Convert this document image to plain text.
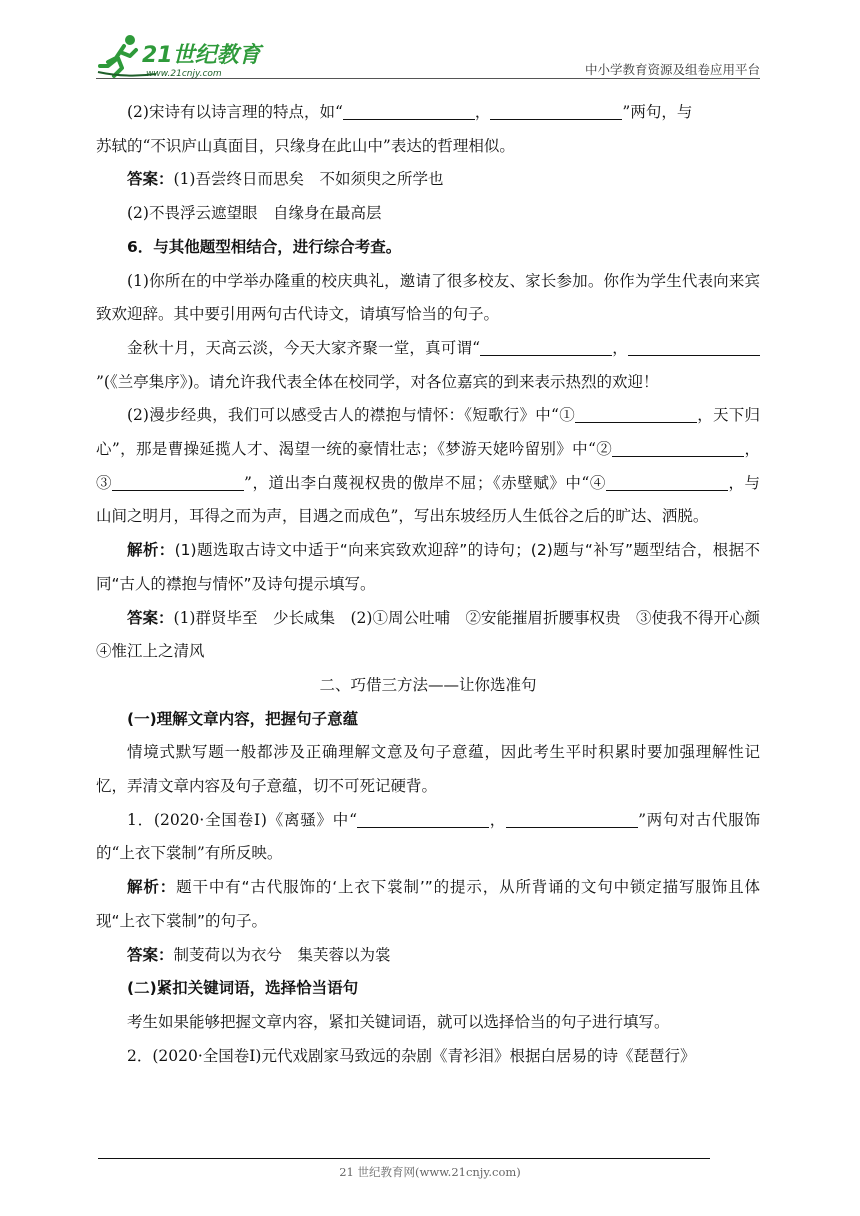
21世纪教育
www.21cnjy.com	中小学教育资源及组卷应用平台

(2)宋诗有以诗言理的特点，如“	，	”两句，与

苏轼的“不识庐山真面目，只缘身在此山中”表达的哲理相似。

答案：(1)吾尝终日而思矣　不如须臾之所学也

(2)不畏浮云遮望眼　自缘身在最高层

6．与其他题型相结合，进行综合考查。

(1)你所在的中学举办隆重的校庆典礼，邀请了很多校友、家长参加。你作为学生代表向来宾致欢迎辞。其中要引用两句古代诗文，请填写恰当的句子。

金秋十月，天高云淡，今天大家齐聚一堂，真可谓“	，”(《兰亭集序》)。请允许我代表全体在校同学，对各位嘉宾的到来表示热烈的欢迎！

(2)漫步经典，我们可以感受古人的襟抱与情怀：《短歌行》中“①	，天下归心”，那是曹操延揽人才、渴望一统的豪情壮志；《梦游天姥吟留别》中“②	，③	”，道出李白蔑视权贵的傲岸不屈；《赤壁赋》中“④	，与山间之明月，耳得之而为声，目遇之而成色”，写出东坡经历人生低谷之后的旷达、洒脱。

解析：(1)题选取古诗文中适于“向来宾致欢迎辞”的诗句；(2)题与“补写”题型结合，根据不同“古人的襟抱与情怀”及诗句提示填写。

答案：(1)群贤毕至　少长咸集　(2)①周公吐哺　②安能摧眉折腰事权贵　③使我不得开心颜　④惟江上之清风

二、巧借三方法——让你选准句

(一)理解文章内容，把握句子意蕴

情境式默写题一般都涉及正确理解文意及句子意蕴，因此考生平时积累时要加强理解性记忆，弄清文章内容及句子意蕴，切不可死记硬背。

1．(2020·全国卷Ⅰ)《离骚》中“	，	”两句对古代服饰的“上衣下裳制”有所反映。

解析：题干中有“古代服饰的‘上衣下裳制’”的提示，从所背诵的文句中锁定描写服饰且体现“上衣下裳制”的句子。

答案：制芰荷以为衣兮　集芙蓉以为裳

(二)紧扣关键词语，选择恰当语句

考生如果能够把握文章内容，紧扣关键词语，就可以选择恰当的句子进行填写。

2．(2020·全国卷Ⅰ)元代戏剧家马致远的杂剧《青衫泪》根据白居易的诗《琵琶行》

21 世纪教育网(www.21cnjy.com)
